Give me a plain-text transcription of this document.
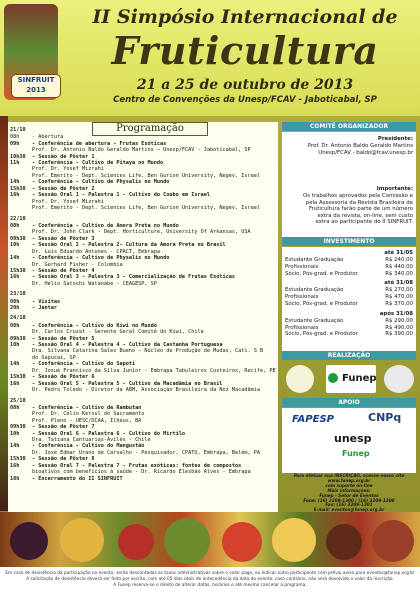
SINFRUIT
2013
II Simpósio Internacional de
Fruticultura
21 a 25 de outubro de 2013
Centro de Convenções da Unesp/FCAV - Jaboticabal, SP
Programação
21/10
08h - Abertura
09h - Conferência de abertura - Frutas Exóticas
Prof. Dr. Antonio Baldo Geraldo Martins – Unesp/FCAV - Jaboticabal, SP
10h30 - Sessão de Pôster 1
11h - Conferência - Cultivo de Pitaya no Mundo
Prof. Dr. Yosef Mizrahi
Prof. Emerito - Dept. Sciences Life, Ben Gurion University, Negev, Israel
14h - Conferência - Cultivo de Physalis no Mundo
15h30 - Sessão de Pôster 2
16h - Sessão Oral 1 - Palestra 1 - Cultivo do Coubo em Israel
Prof. Dr. Yosef Mizrahi
Prof. Emerito - Dept. Sciences Life, Ben Gurion University, Negev, Israel
22/10
08h - Conferência - Cultivo de Amora Preta no Mundo
Prof. Dr. John Clark - Dept. Horticulture, University Of Arkansas, USA
09h30 - Sessão de Pôster 3
10h - Sessão Oral 2 - Palestra 2- Cultura da Amora Preta no Brasil
Dr. Luis Eduardo Antunes - CPACT, Embrapa
14h - Conferência - Cultivo de Physalis no Mundo
Dr. Gerhard Fisher - Colombia
15h30 - Sessão de Pôster 4
16h - Sessão Oral 3 - Palestra 3 - Comercialização de Frutas Exóticas
Dr. Hélio Satoshi Watanabe - CEAGESP, SP
23/10
08h - Visitas
20h - Jantar
24/10
08h - Conferência - Cultivo do Kiwi no Mundo
Dr. Carlos Cruzat - Gerente Geral Comitê do Kiwi, Chile
09h30 - Sessão de Pôster 5
10h - Sessão Oral 4 - Palestra 4 - Cultivo da Castanha Portuguesa
Dra. Silvana Catarina Sales Bueno - Núcleo de Produção de Mudas, Cati. S B
do Sapucaí, SP
14h - Conferência - Cultivo do Sapoti
Dr. Josué Francisco da Silva Junior - Embrapa Tabuleiros Costeiros, Recife, PE
15h30 - Sessão de Pôster 6
16h - Sessão Oral 5 - Palestra 5 - Cultivo da Macadâmia no Brasil
Dr. Pedro Toledo - Diretor da ABM, Associação Brasileira da Noz Macadâmia
25/10
08h - Conferência - Cultivo de Rambutan
Prof. Dr. Célio Kersul do Sacramento
Prof. Pleno - UESC/DCAA, Ilhéus, BA
09h30 - Sessão de Pôster 7
10h - Sessão Oral 6 - Palestra 6 - Cultivo do Mirtilo
Dra. Tatiana Cantuarias-Avilés - Chile
14h - Conferência - Cultivo do Mangustão
Dr. José Edmar Urano de Carvalho - Pesquisador, CPATU, Embrapa, Belém, PA
15h30 - Sessão de Pôster 8
16h - Sessão Oral 7 - Palestra 7 - Frutas exóticas: fontes de compostos
bioativos com benefícios à saúde - Dr. Ricardo Elesbão Alves - Embrapa
18h - Encerramento do II SINFRUIT
COMITÊ ORGANIZADOR
Presidente:
Prof. Dr. Antonio Baldo Geraldo Martins
Unesp/FCAV - baldo@fcav.unesp.br
Importante:
Os trabalhos aprovados pela Comissão e
pela Assessoria da Revista Brasileira de
Fruticultura farão parte de um número
extra da revista, on-line, sem custo
extra ao participante do II SINFRUIT.
INVESTIMENTO
até 31/05
Estudante Graduação	R$ 240,00
Profissionais	R$ 440,00
Sócio, Pós-grad. e Produtor	R$ 340,00
até 31/08
Estudante Graduação	R$ 270,00
Profissionais	R$ 470,00
Sócio, Pós-grad. e Produtor	R$ 370,00
após 31/08
Estudante Graduação	R$ 290,00
Profissionais	R$ 490,00
Sócio, Pós-grad. e Produtor	R$ 390,00
REALIZAÇÃO
Funep
APOIO
FAPESP	CNPq
unesp
Funep
Para efetuar sua INSCRIÇÃO, acesse nosso site
www.funep.org.br
com suporte on-line
Mais informações:
Funep - Setor de Eventos
Fone: (16) 3209-1300 / (16) 3209-1300
Fax: (16) 3209-1301
E-mail: eventos@funep.org.br
Em caso de desistência da participação no evento, serão descontadas as taxas administrativas sobre o valor pago, ou indicar outro participante com prévio aviso para eventos@funep.org.br
A solicitação de desistência deverá ser feita por escrito, com até 05 dias úteis de antecedência da data do evento, caso contrário, não será devolvido o valor da inscrição.
A Funep reserva-se o direito de alterar datas, horários e até mesmo cancelar a programa.
